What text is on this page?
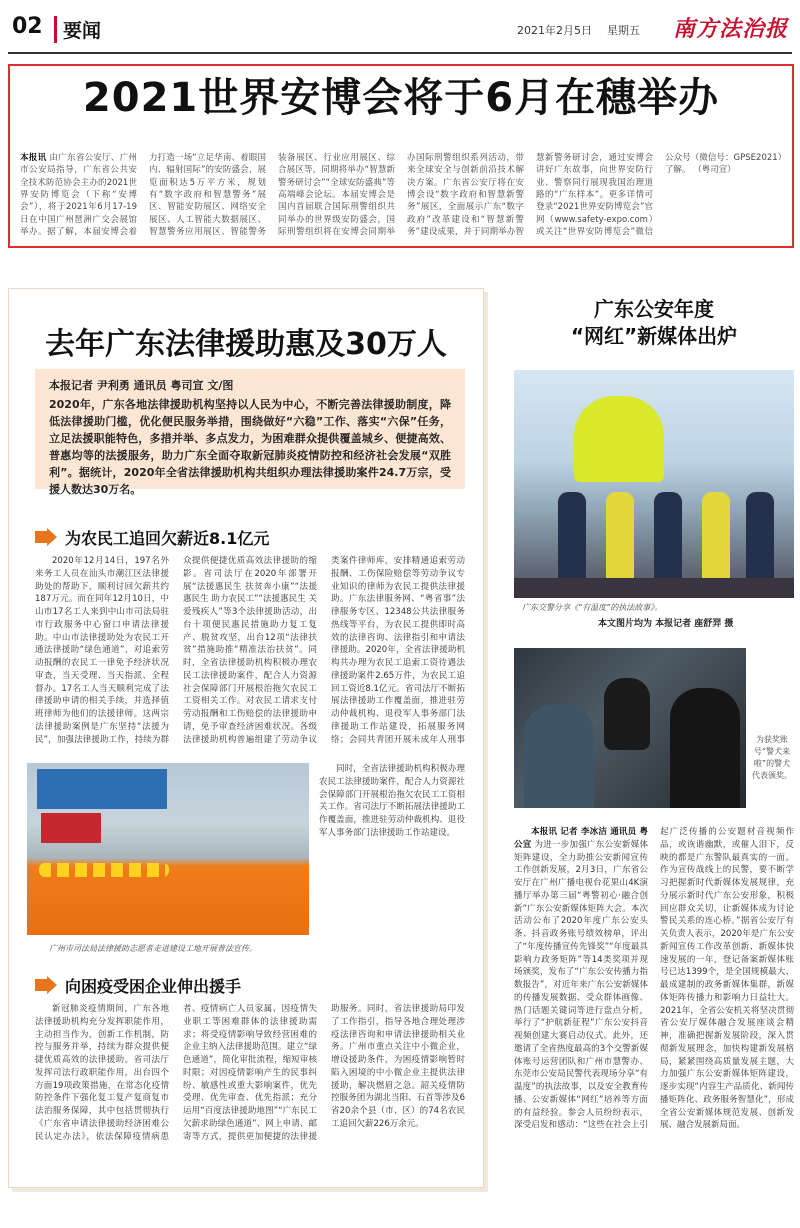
02	要闻	2021年2月5日 星期五 南方法治报
2021世界安博会将于6月在穗举办
本报讯 由广东省公安厅、广州市公安局指导，广东省公共安全技术防范协会主办的2021世界安防博览会（下称“安博会”），将于2021年6月17-19日在中国广州琶洲广交会展馆举办。据了解，本届安博会着力打造一场“立足华南、着眼国内、辐射国际”的安防盛会，展览面积达5万平方米，规划有“数字政府和智慧警务”展区、智能安防展区、网络安全展区、人工智能大数据展区、智慧警务应用展区、智能警务装备展区、行业应用展区、综合展区等，同期将举办“智慧新警务研讨会”“全球安防盛典”等高端峰会论坛。本届安博会是国内首届联合国际刑警组织共同举办的世界级安防盛会，国际刑警组织将在安博会同期举办国际刑警组织系列活动，带来全球安全与创新前沿技术解决方案。广东省公安厅将在安博会设“数字政府和智慧新警务”展区，全面展示广东“数字政府”改革建设和“智慧新警务”建设成果，并于同期举办智慧新警务研讨会，通过安博会讲好广东故事，向世界安防行业、警察同行展现我国治理道路的“广东样本”。更多详情可登录“2021世界安防博览会”官网（www.safety-expo.com）或关注“世界安防博览会”微信公众号（微信号：GPSE2021）了解。 （粤司宣）
去年广东法律援助惠及30万人
本报记者 尹利勇 通讯员 粤司宣 文/图
2020年，广东各地法律援助机构坚持以人民为中心，不断完善法律援助制度，降低法律援助门槛，优化便民服务举措，围绕做好“六稳”工作、落实“六保”任务，立足法援职能特色，多措并举、多点发力，为困难群众提供覆盖城乡、便捷高效、普惠均等的法援服务，助力广东全面夺取新冠肺炎疫情防控和经济社会发展“双胜利”。据统计，2020年全省法律援助机构共组织办理法律援助案件24.7万宗，受援人数达30万名。
为农民工追回欠薪近8.1亿元

2020年12月14日，197名外来务工人员在汕头市潮江区法律援助处的帮助下，顺利讨回欠薪共约187万元。而在同年12月10日，中山市17名工人来到中山市司法局驻市行政服务中心窗口申请法律援助。中山市法律援助处为农民工开通法律援助“绿色通道”，对追索劳动报酬的农民工一律免予经济状况审查，当天受理、当天指派、全程督办。17名工人当天顺利完成了法律援助申请的相关手续，并选择值班律师为他们的法援律师。这两宗法律援助案例是广东坚持“法援为民”，加强法律援助工作，持续为群众提供便捷优质高效法律援助的缩影。省司法厅在2020年部署开展“法援惠民生 扶贫奔小康”“法援惠民生 助力农民工”“法援惠民生 关爱残疾人”等3个法律援助活动，出台十项便民惠民措施助力复工复产、脱贫攻坚，出台12项“法律扶贫”措施助推“精准法治扶贫”。同时，全省法律援助机构积极办理农民工法律援助案件，配合人力资源社会保障部门开展根治拖欠农民工工资相关工作。对农民工请求支付劳动报酬和工伤赔偿的法律援助申请，免予审查经济困难状况。各级法律援助机构普遍组建了劳动争议类案件律师库，安排精通追索劳动报酬、工伤保险赔偿等劳动争议专业知识的律师为农民工提供法律援助。广东法律服务网、“粤省事”法律服务专区、12348公共法律服务热线等平台，为农民工提供即时高效的法律咨询、法律指引和申请法律援助。2020年，全省法律援助机构共办理为农民工追索工资待遇法律援助案件2.65万件，为农民工追回工资近8.1亿元。省司法厅不断拓展法律援助工作覆盖面，推进驻劳动仲裁机构、退役军人事务部门法律援助工作站建设，拓展服务网络；会同共青团开展未成年人刑事

广州市司法局法律援助志愿者走进建设工地开展普法宣传。

同时，全省法律援助机构积极办理农民工法律援助案件，配合人力资源社会保障部门开展根治拖欠农民工工资相关工作。省司法厅不断拓展法律援助工作覆盖面，推进驻劳动仲裁机构、退役军人事务部门法律援助工作站建设。

向困疫受困企业伸出援手

新冠肺炎疫情期间，广东各地法律援助机构充分发挥职能作用，主动担当作为，创新工作机制，防控与服务并举，持续为群众提供便捷优质高效的法律援助。省司法厅发挥司法行政职能作用，出台四个方面19项政策措施，在常态化疫情防控条件下强化复工复产复商复市法治服务保障，其中包括贯彻执行《广东省申请法律援助经济困难公民认定办法》，依法保障疫情病患者、疫情病亡人员家属、因疫情失业职工等困难群体的法律援助需求；将受疫情影响导致经营困难的企业主纳入法律援助范围。建立“绿色通道”，简化审批流程，缩短审核时限；对因疫情影响产生的民事纠纷、敏感性或重大影响案件，优先受理、优先审查、优先指派；充分运用“百度法律援助地图”“广东民工欠薪求助绿色通道”、网上申请、邮寄等方式，提供更加便捷的法律援助服务。同时，省法律援助局印发了工作指引，指导各地合理处理涉疫法律咨询和申请法律援助相关业务。广州市重点关注中小微企业，增设援助条件，为困疫情影响暂时陷入困境的中小微企业主提供法律援助，解决燃眉之急。韶关疫情防控服务团为湖北当阳、石首等涉及6省20余个县（市、区）的74名农民工追回欠薪226万余元。

广东公安年度
“网红”新媒体出炉
广东交警分享《“有温度”的执法故事》。
本文图片均为 本报记者 座舒羿 摄
为获奖账号“警犬来啦”的警犬代表颁奖。

本报讯 记者 李冰洁 通讯员 粤公宣 为进一步加强广东公安新媒体矩阵建设，全力助推公安新闻宣传工作创新发展，2月3日，广东省公安厅在广州广播电视台花果山4K演播厅举办第三届“粤警初心·融合创新”广东公安新媒体矩阵大会。本次活动公布了2020年度广东公安头条、抖音政务账号绩效榜单，评出了“年度传播宣传先锋奖”“年度最具影响力政务矩阵”等14类奖项并现场颁奖，发布了“广东公安传播力指数报告”，对近年来广东公安新媒体的传播发展数据、受众群体画像、热门话题关键词等进行盘点分析，举行了“护航新征程”广东公安抖音视频创建大赛启动仪式。此外，还邀请了全省热度最高的3个交警新媒体账号运营团队和广州市慧警办、东莞市公安局民警代表现场分享“有温度”的执法故事，以及安全教育传播、公安新媒体“网红”培养等方面的有益经验。参会人员纷纷表示，深受启发和感动：“这些在社会上引起广泛传播的公安题材音视频作品，或诙谐幽默，或催人泪下，反映的都是广东警队最真实的一面。作为宣传战线上的民警，要不断学习把握新时代新媒体发展规律，充分展示新时代广东公安形象，积极回应群众关切，让新媒体成为讨论警民关系的连心桥。”据省公安厅有关负责人表示，2020年是广东公安新闻宣传工作改革创新、新媒体快速发展的一年，登记备案新媒体账号已达1399个，是全国规模最大、最成建制的政务新媒体集群，新媒体矩阵传播力和影响力日益壮大。2021年，全省公安机关将坚决贯彻省公安厅媒体融合发展座谈会精神，准确把握新发展阶段，深入贯彻新发展理念，加快构建新发展格局，紧紧围绕高质量发展主题，大力加强广东公安新媒体矩阵建设，逐步实现“内容生产品质化、新闻传播矩阵化、政务服务智慧化”，形成全省公安新媒体规范发展、创新发展、融合发展新局面。
